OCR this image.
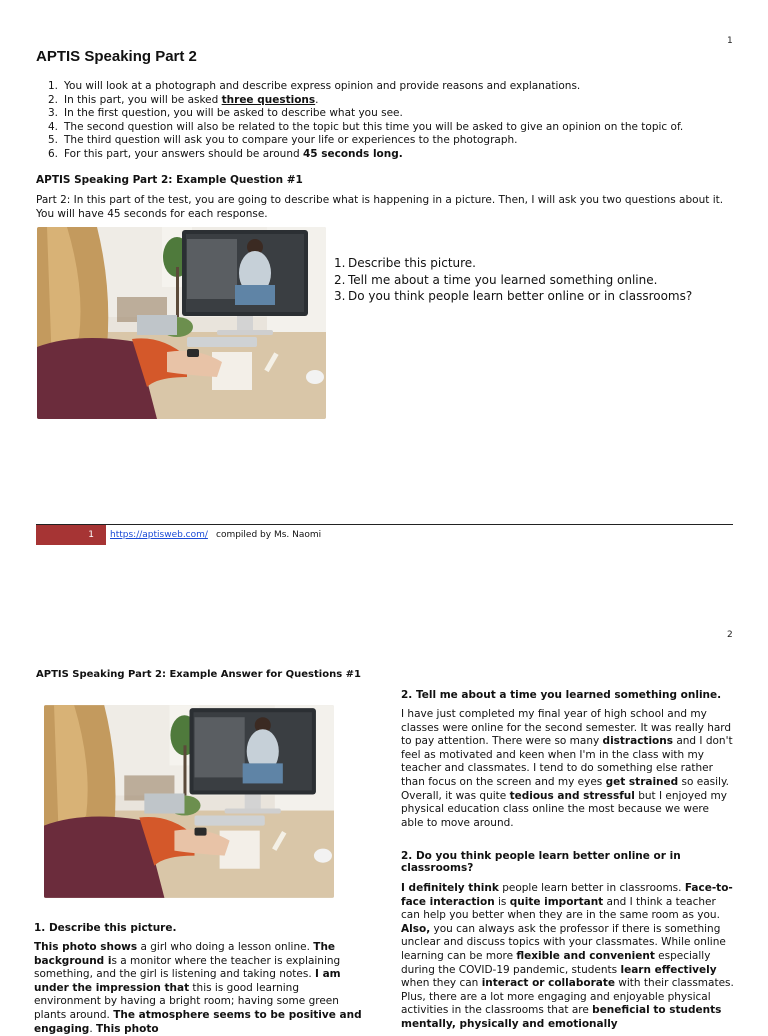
1
APTIS Speaking Part 2
1. You will look at a photograph and describe express opinion and provide reasons and explanations.
2. In this part, you will be asked three questions.
3. In the first question, you will be asked to describe what you see.
4. The second question will also be related to the topic but this time you will be asked to give an opinion on the topic of.
5. The third question will ask you to compare your life or experiences to the photograph.
6. For this part, your answers should be around 45 seconds long.
APTIS Speaking Part 2: Example Question #1
Part 2: In this part of the test, you are going to describe what is happening in a picture. Then, I will ask you two questions about it. You will have 45 seconds for each response.
1. Describe this picture.
2. Tell me about a time you learned something online.
3. Do you think people learn better online or in classrooms?
1	https://aptisweb.com/ compiled by Ms. Naomi
2
APTIS Speaking Part 2: Example Answer for Questions #1
1. Describe this picture.
This photo shows a girl who doing a lesson online. The background is a monitor where the teacher is explaining something, and the girl is listening and taking notes. I am under the impression that this is good learning environment by having a bright room; having some green plants around. The atmosphere seems to be positive and engaging. This photo
2. Tell me about a time you learned something online.
I have just completed my final year of high school and my classes were online for the second semester. It was really hard to pay attention. There were so many distractions and I don't feel as motivated and keen when I'm in the class with my teacher and classmates. I tend to do something else rather than focus on the screen and my eyes get strained so easily. Overall, it was quite tedious and stressful but I enjoyed my physical education class online the most because we were able to move around.
2. Do you think people learn better online or in classrooms?
I definitely think people learn better in classrooms. Face-to-face interaction is quite important and I think a teacher can help you better when they are in the same room as you. Also, you can always ask the professor if there is something unclear and discuss topics with your classmates. While online learning can be more flexible and convenient especially during the COVID-19 pandemic, students learn effectively when they can interact or collaborate with their classmates. Plus, there are a lot more engaging and enjoyable physical activities in the classrooms that are beneficial to students mentally, physically and emotionally
